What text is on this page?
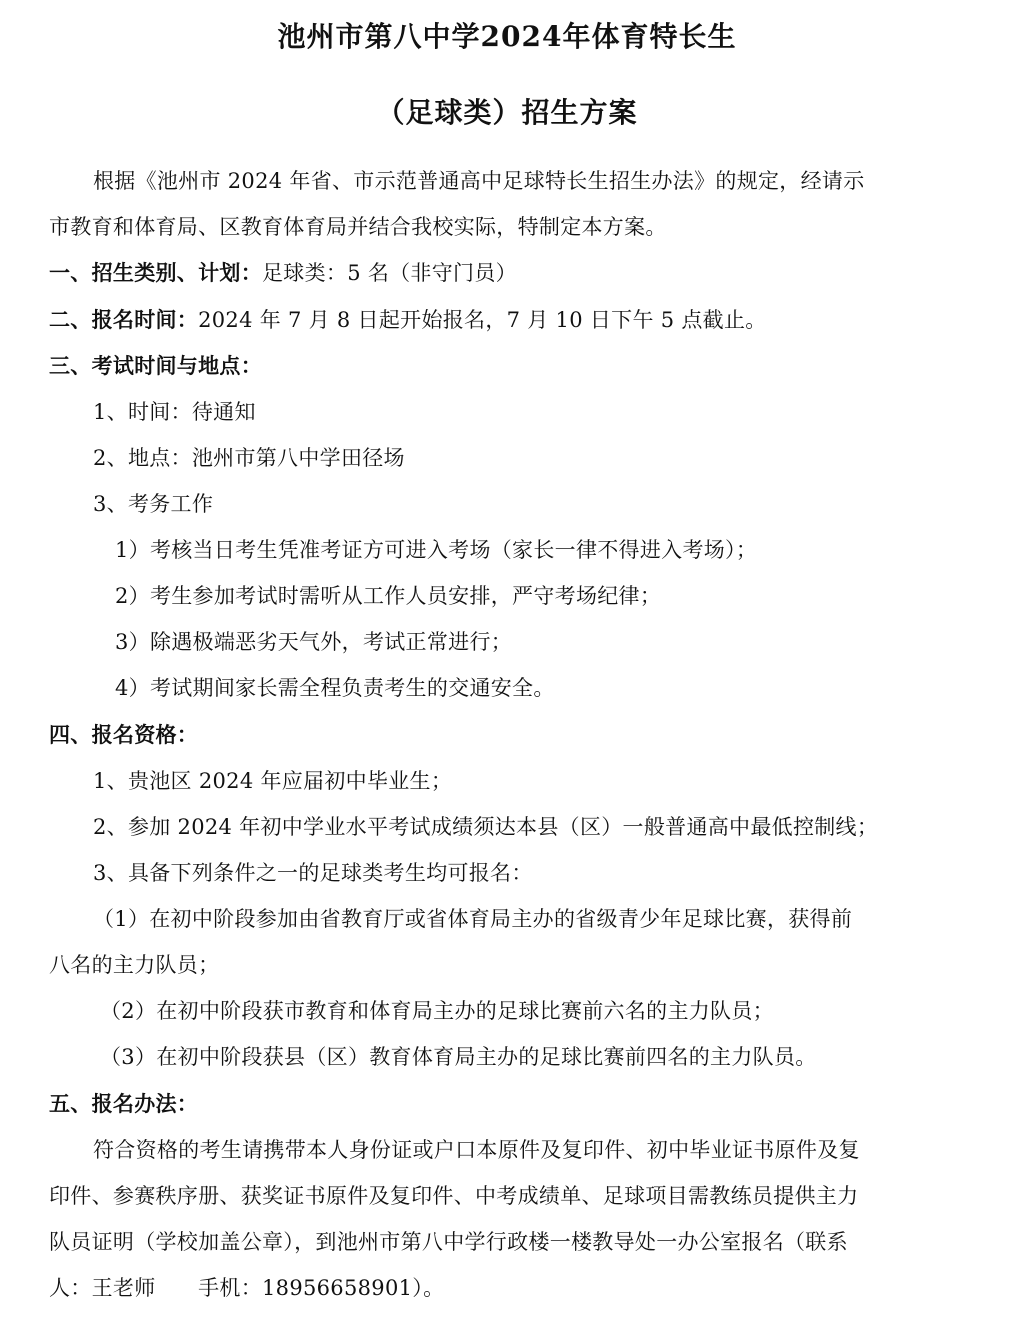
池州市第八中学2024年体育特长生
（足球类）招生方案
根据《池州市 2024 年省、市示范普通高中足球特长生招生办法》的规定，经请示
市教育和体育局、区教育体育局并结合我校实际，特制定本方案。
一、招生类别、计划：足球类：5 名（非守门员）
二、报名时间：2024 年 7 月 8 日起开始报名，7 月 10 日下午 5 点截止。
三、考试时间与地点：
1、时间：待通知
2、地点：池州市第八中学田径场
3、考务工作
1）考核当日考生凭准考证方可进入考场（家长一律不得进入考场）；
2）考生参加考试时需听从工作人员安排，严守考场纪律；
3）除遇极端恶劣天气外，考试正常进行；
4）考试期间家长需全程负责考生的交通安全。
四、报名资格：
1、贵池区 2024 年应届初中毕业生；
2、参加 2024 年初中学业水平考试成绩须达本县（区）一般普通高中最低控制线；
3、具备下列条件之一的足球类考生均可报名：
（1）在初中阶段参加由省教育厅或省体育局主办的省级青少年足球比赛，获得前
八名的主力队员；
（2）在初中阶段获市教育和体育局主办的足球比赛前六名的主力队员；
（3）在初中阶段获县（区）教育体育局主办的足球比赛前四名的主力队员。
五、报名办法：
符合资格的考生请携带本人身份证或户口本原件及复印件、初中毕业证书原件及复
印件、参赛秩序册、获奖证书原件及复印件、中考成绩单、足球项目需教练员提供主力
队员证明（学校加盖公章），到池州市第八中学行政楼一楼教导处一办公室报名（联系
人：王老师　　手机：18956658901）。
